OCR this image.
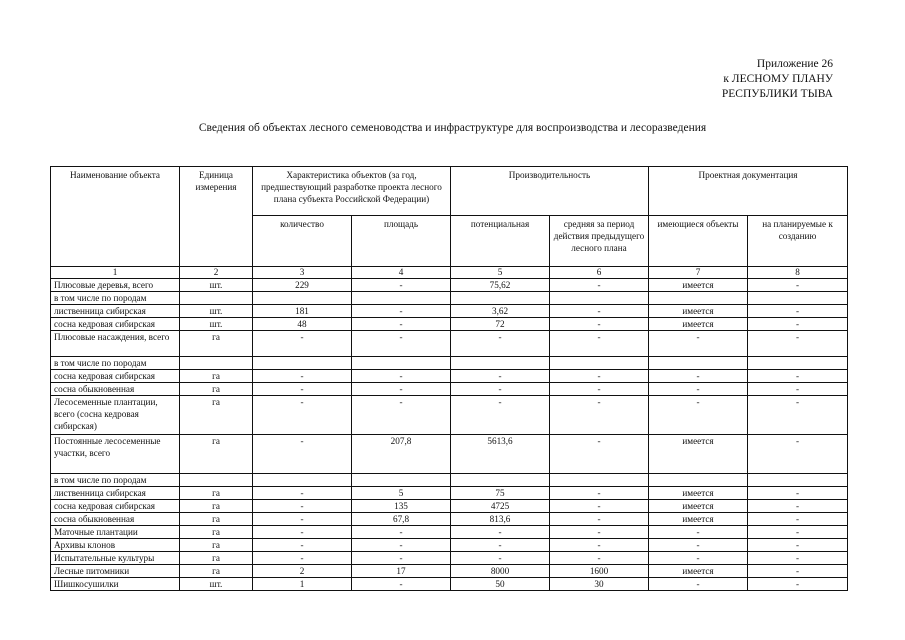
Приложение 26
к ЛЕСНОМУ ПЛАНУ
РЕСПУБЛИКИ ТЫВА
Сведения об объектах лесного семеноводства и инфраструктуре для воспроизводства и лесоразведения
Наименование объекта	Единица измерения	Характеристика объектов (за год, предшествующий разработке проекта лесного плана субъекта Российской Федерации)		Производительность		Проектная документация	
		количество	площадь	потенциальная	средняя за период действия предыдущего лесного плана	имеющиеся объекты	на планируемые к созданию
1	2	3	4	5	6	7	8
Плюсовые деревья, всего	шт.	229	-	75,62	-	имеется	-
в том числе по породам							
лиственница сибирская	шт.	181	-	3,62	-	имеется	-
сосна кедровая сибирская	шт.	48	-	72	-	имеется	-
Плюсовые насаждения, всего	га	-	-	-	-	-	-
в том числе по породам							
сосна кедровая сибирская	га	-	-	-	-	-	-
сосна обыкновенная	га	-	-	-	-	-	-
Лесосеменные плантации, всего (сосна кедровая сибирская)	га	-	-	-	-	-	-
Постоянные лесосеменные участки, всего	га	-	207,8	5613,6	-	имеется	-
в том числе по породам							
лиственница сибирская	га	-	5	75	-	имеется	-
сосна кедровая сибирская	га	-	135	4725	-	имеется	-
сосна обыкновенная	га	-	67,8	813,6	-	имеется	-
Маточные плантации	га	-	-	-	-	-	-
Архивы клонов	га	-	-	-	-	-	-
Испытательные культуры	га	-	-	-	-	-	-
Лесные питомники	га	2	17	8000	1600	имеется	-
Шишкосушилки	шт.	1	-	50	30	-	-
